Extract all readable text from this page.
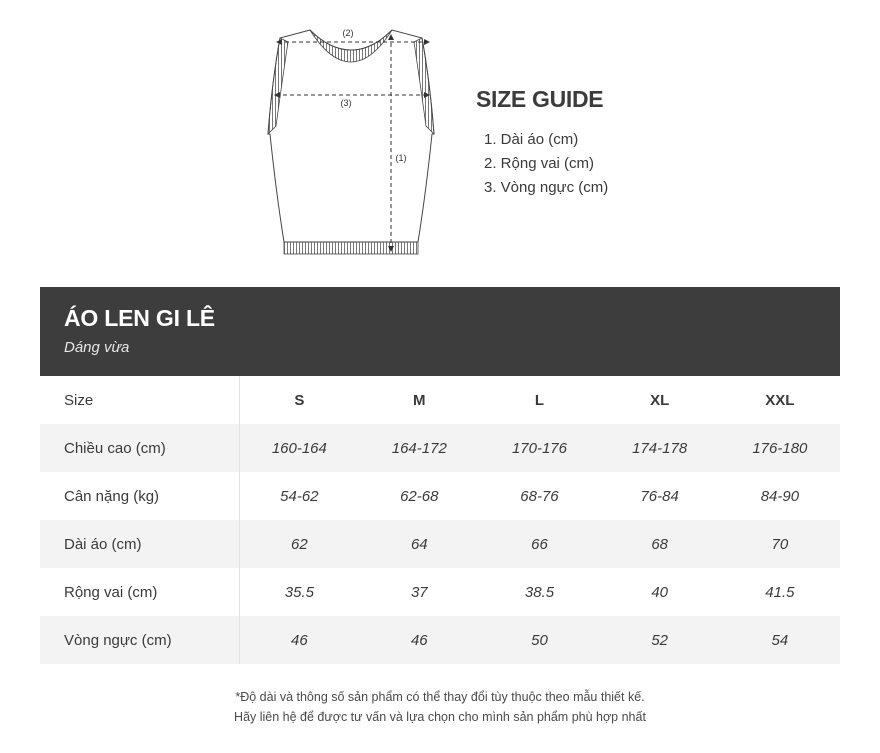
(2)
(3)
(1)
SIZE GUIDE
1. Dài áo (cm)
2. Rộng vai (cm)
3. Vòng ngực (cm)
ÁO LEN GI LÊ
Dáng vừa
Size	S	M	L	XL	XXL
Chiều cao (cm)	160-164	164-172	170-176	174-178	176-180
Cân nặng (kg)	54-62	62-68	68-76	76-84	84-90
Dài áo (cm)	62	64	66	68	70
Rộng vai (cm)	35.5	37	38.5	40	41.5
Vòng ngực (cm)	46	46	50	52	54
*Độ dài và thông số sản phẩm có thể thay đổi tùy thuộc theo mẫu thiết kế.
Hãy liên hệ để được tư vấn và lựa chọn cho mình sản phẩm phù hợp nhất
